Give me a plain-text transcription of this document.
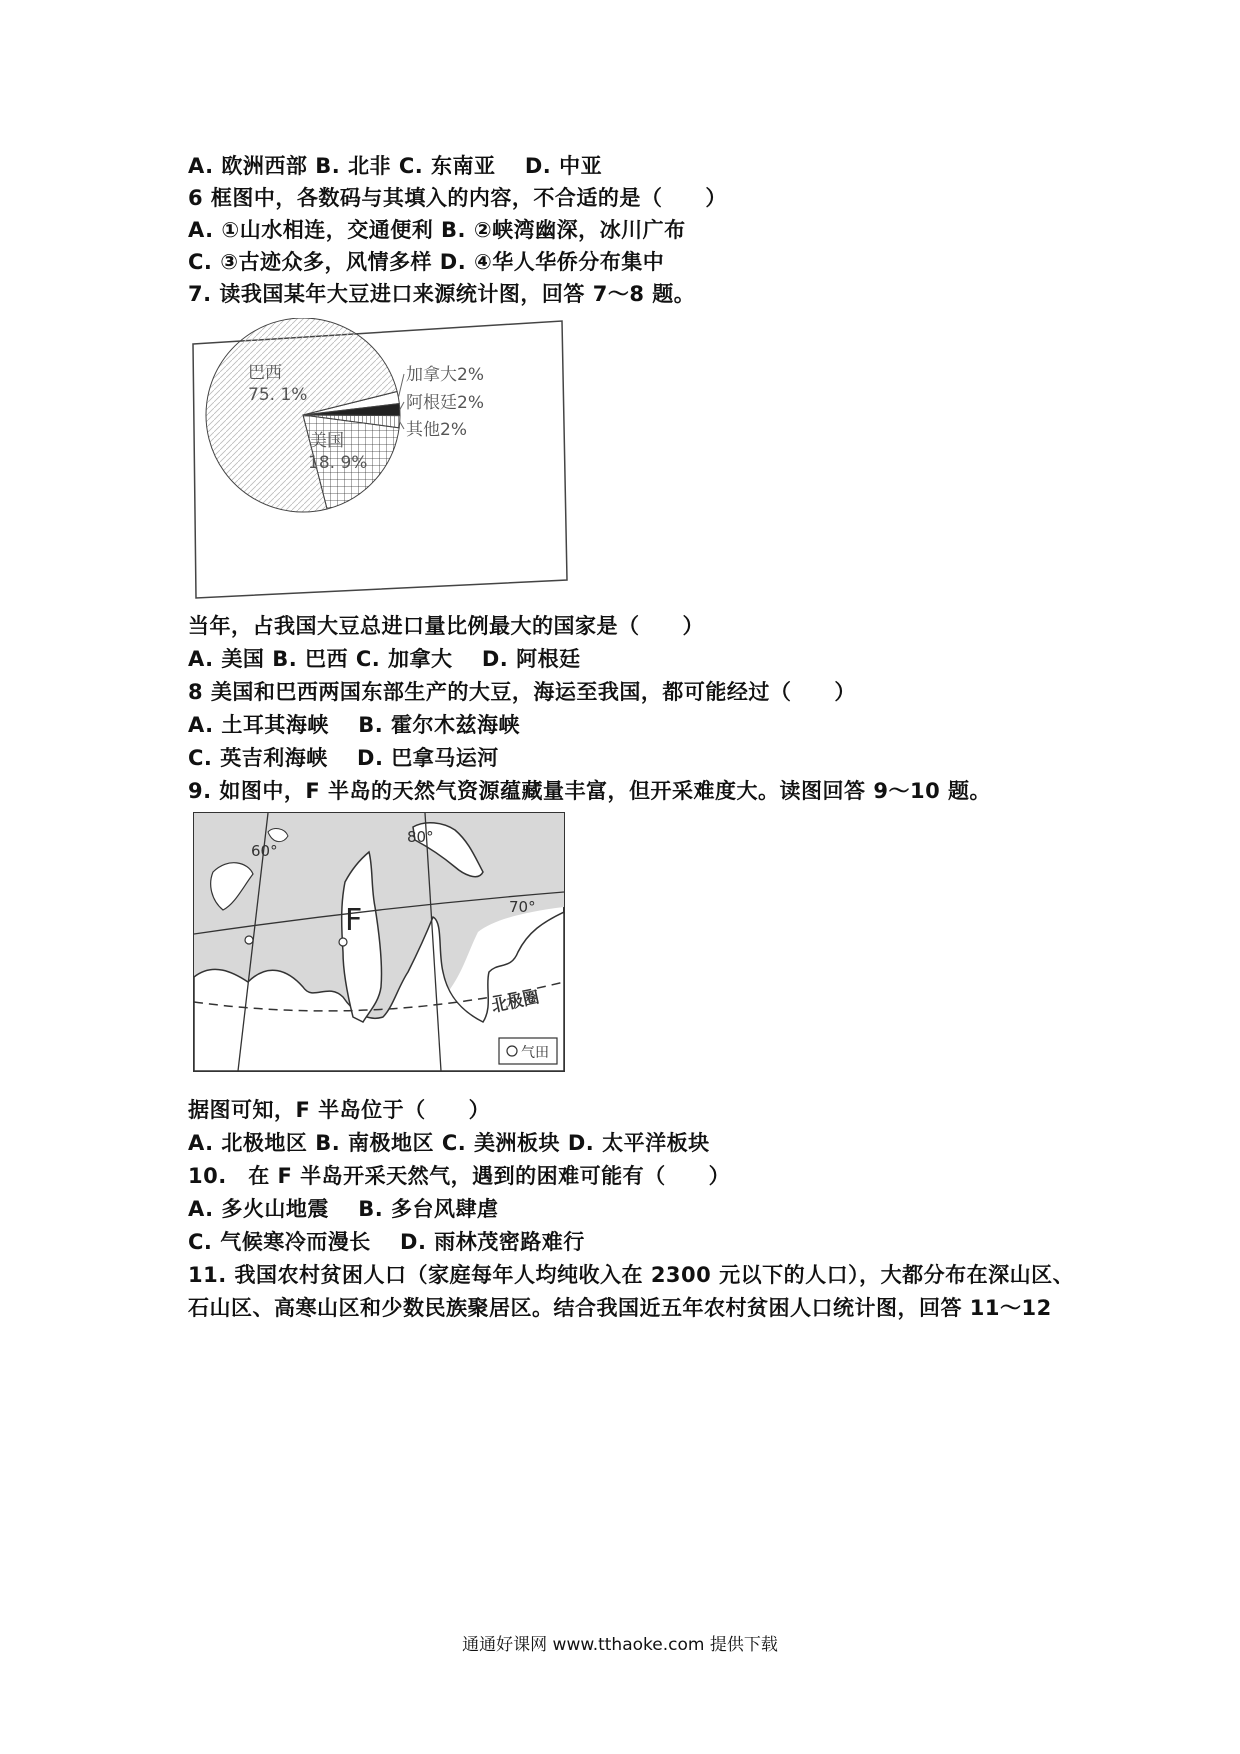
A. 欧洲西部 B. 北非 C. 东南亚　 D. 中亚
6 框图中，各数码与其填入的内容，不合适的是（　　）
A. ①山水相连，交通便利 B. ②峡湾幽深，冰川广布
C. ③古迹众多，风情多样 D. ④华人华侨分布集中
7. 读我国某年大豆进口来源统计图，回答 7～8 题。
巴西
75. 1%
美国
18. 9%
加拿大2%
阿根廷2%
其他2%
当年，占我国大豆总进口量比例最大的国家是（　　）
A. 美国 B. 巴西 C. 加拿大　 D. 阿根廷
8 美国和巴西两国东部生产的大豆，海运至我国，都可能经过（　　）
A. 土耳其海峡　 B. 霍尔木兹海峡
C. 英吉利海峡　 D. 巴拿马运河
9. 如图中，F 半岛的天然气资源蕴藏量丰富，但开采难度大。读图回答 9～10 题。
60°
80°
70°
F
北极圈
气田
据图可知，F 半岛位于（　　）
A. 北极地区 B. 南极地区 C. 美洲板块 D. 太平洋板块
10.　在 F 半岛开采天然气，遇到的困难可能有（　　）
A. 多火山地震　 B. 多台风肆虐
C. 气候寒冷而漫长　 D. 雨林茂密路难行
11. 我国农村贫困人口（家庭每年人均纯收入在 2300 元以下的人口），大都分布在深山区、
石山区、高寒山区和少数民族聚居区。结合我国近五年农村贫困人口统计图，回答 11～12
通通好课网 www.tthaoke.com 提供下载
